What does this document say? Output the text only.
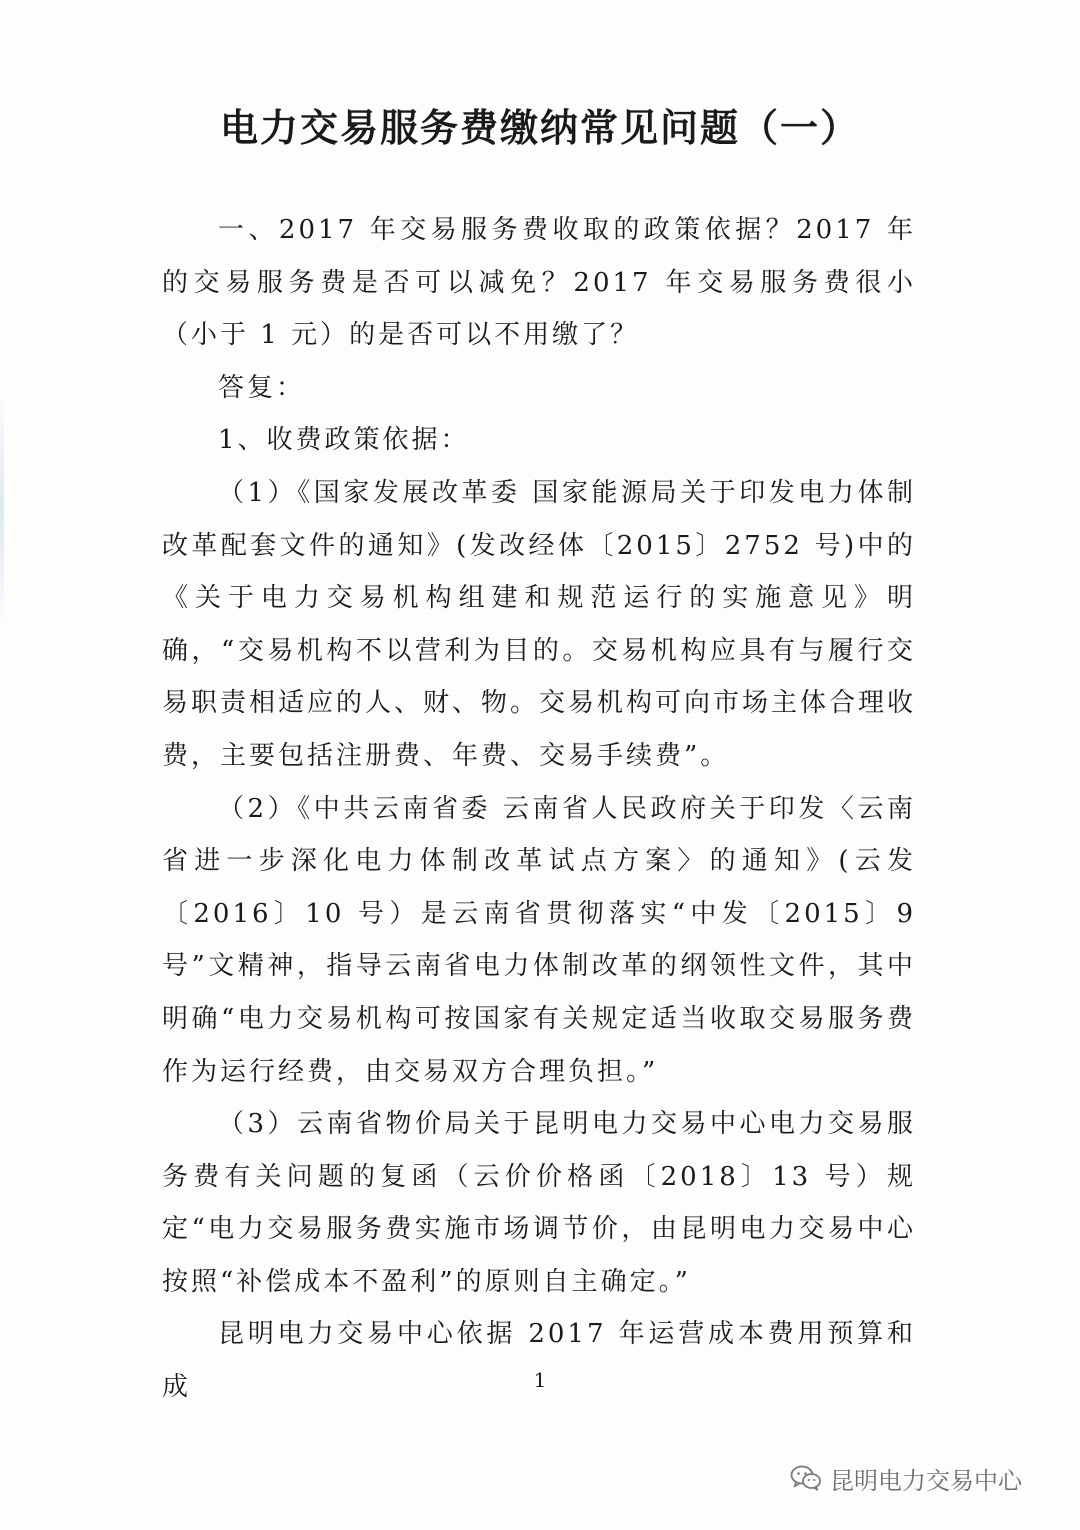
电力交易服务费缴纳常见问题（一）

一、2017 年交易服务费收取的政策依据？2017 年的交易服务费是否可以减免？2017 年交易服务费很小（小于 1 元）的是否可以不用缴了？

答复：

1、收费政策依据：

（1）《国家发展改革委 国家能源局关于印发电力体制改革配套文件的通知》(发改经体〔2015〕2752 号)中的《关于电力交易机构组建和规范运行的实施意见》明确，“交易机构不以营利为目的。交易机构应具有与履行交易职责相适应的人、财、物。交易机构可向市场主体合理收费，主要包括注册费、年费、交易手续费”。

（2）《中共云南省委 云南省人民政府关于印发〈云南省进一步深化电力体制改革试点方案〉的通知》(云发〔2016〕10 号）是云南省贯彻落实“中发〔2015〕9 号”文精神，指导云南省电力体制改革的纲领性文件，其中明确“电力交易机构可按国家有关规定适当收取交易服务费作为运行经费，由交易双方合理负担。”

（3）云南省物价局关于昆明电力交易中心电力交易服务费有关问题的复函（云价价格函〔2018〕13 号）规定“电力交易服务费实施市场调节价，由昆明电力交易中心按照“补偿成本不盈利”的原则自主确定。”

昆明电力交易中心依据 2017 年运营成本费用预算和成	1
昆明电力交易中心
